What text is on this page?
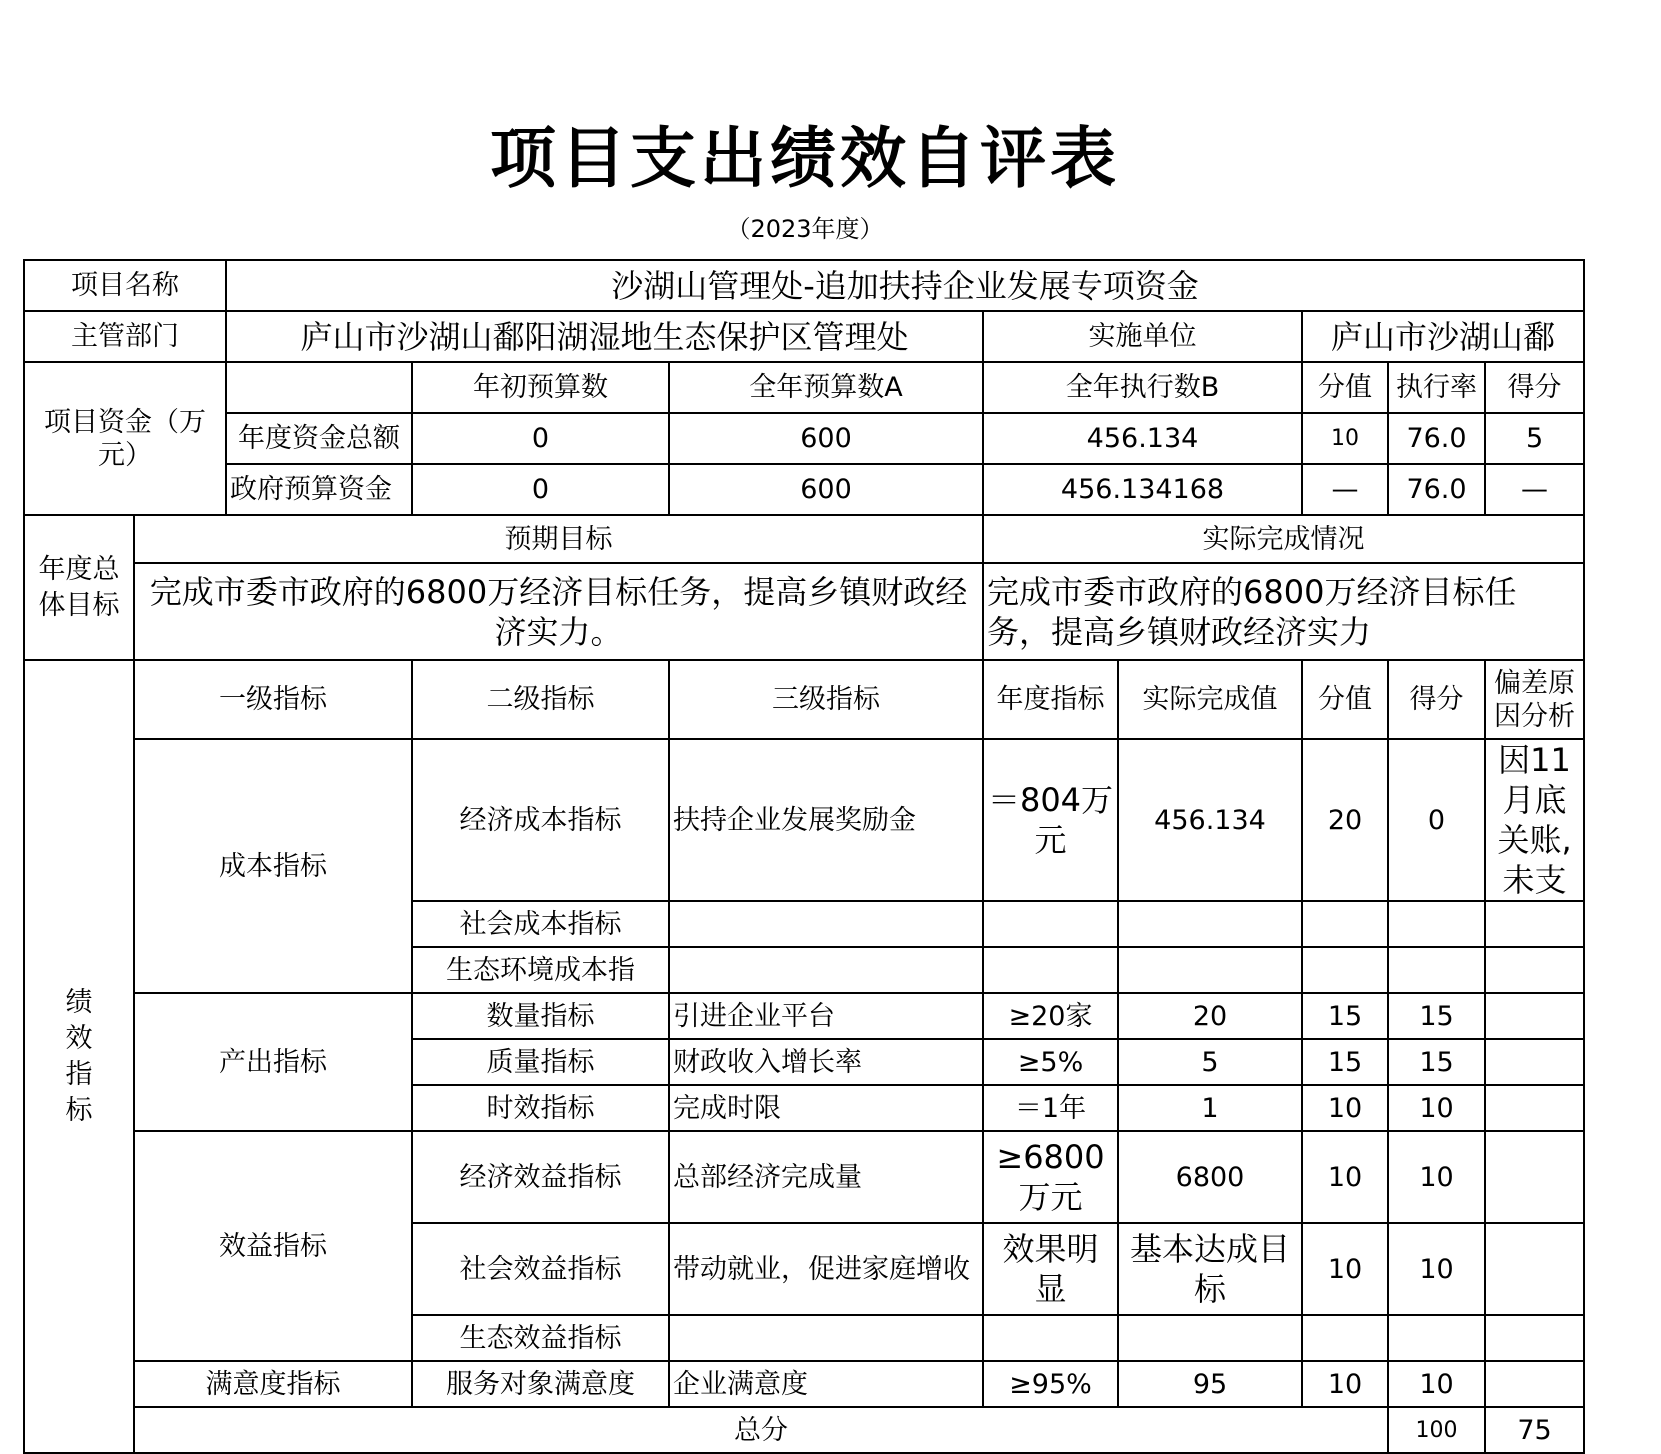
项目支出绩效自评表
（2023年度）
项目名称		沙湖山管理处-追加扶持企业发展专项资金								
主管部门		庐山市沙湖山鄱阳湖湿地生态保护区管理处			实施单位		庐山市沙湖山鄱			
项目资金（万元）			年初预算数	全年预算数A	全年执行数B		分值	执行率	得分	
		年度资金总额	0	600	456.134		10	76.0	5	
		政府预算资金	0	600	456.134168		—	76.0	—	
年度总体目标	预期目标				实际完成情况					
	完成市委市政府的6800万经济目标任务，提高乡镇财政经济实力。				完成市委市政府的6800万经济目标任务，提高乡镇财政经济实力					

绩效指标	一级指标		二级指标	三级指标	年度指标	实际完成值	分值	得分	偏差原因分析	
	成本指标		经济成本指标	扶持企业发展奖励金	＝804万元	456.134	20	0	因11月底关账,未支	
			社会成本指标							
			生态环境成本指							
	产出指标		数量指标	引进企业平台	≥20家	20	15	15		
			质量指标	财政收入增长率	≥5%	5	15	15		
			时效指标	完成时限	＝1年	1	10	10		
	效益指标		经济效益指标	总部经济完成量	≥6800万元	6800	10	10		
			社会效益指标	带动就业，促进家庭增收	效果明显	基本达成目标	10	10		
			生态效益指标							
	满意度指标		服务对象满意度	企业满意度	≥95%	95	10	10		
	总分							100	75	
